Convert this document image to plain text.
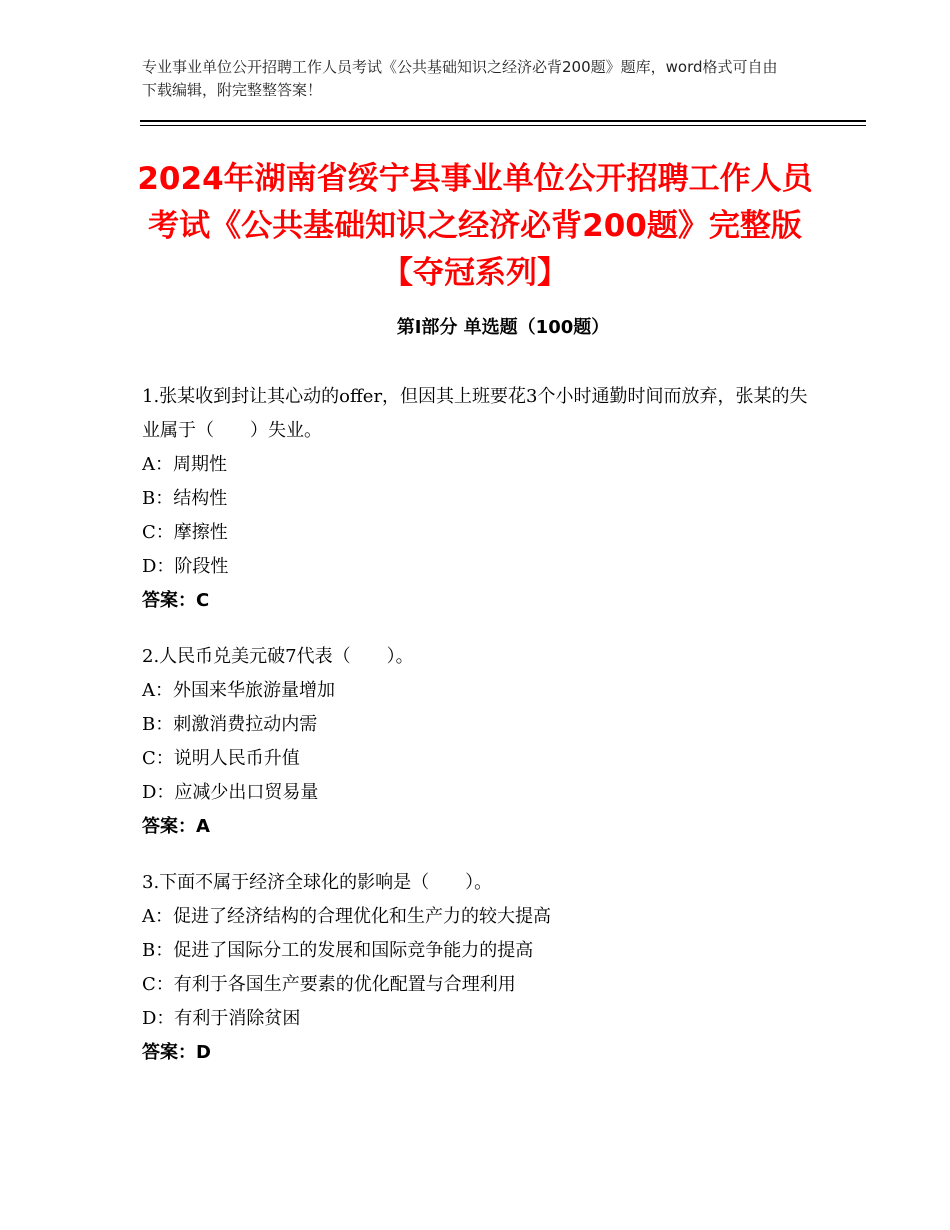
专业事业单位公开招聘工作人员考试《公共基础知识之经济必背200题》题库，word格式可自由下载编辑，附完整整答案！
2024年湖南省绥宁县事业单位公开招聘工作人员考试《公共基础知识之经济必背200题》完整版【夺冠系列】
第Ⅰ部分 单选题（100题）

1.张某收到封让其心动的offer，但因其上班要花3个小时通勤时间而放弃，张某的失业属于（　　）失业。

A：周期性

B：结构性

C：摩擦性

D：阶段性

答案：C

2.人民币兑美元破7代表（　　）。

A：外国来华旅游量增加

B：刺激消费拉动内需

C：说明人民币升值

D：应减少出口贸易量

答案：A

3.下面不属于经济全球化的影响是（　　）。

A：促进了经济结构的合理优化和生产力的较大提高

B：促进了国际分工的发展和国际竞争能力的提高

C：有利于各国生产要素的优化配置与合理利用

D：有利于消除贫困

答案：D
